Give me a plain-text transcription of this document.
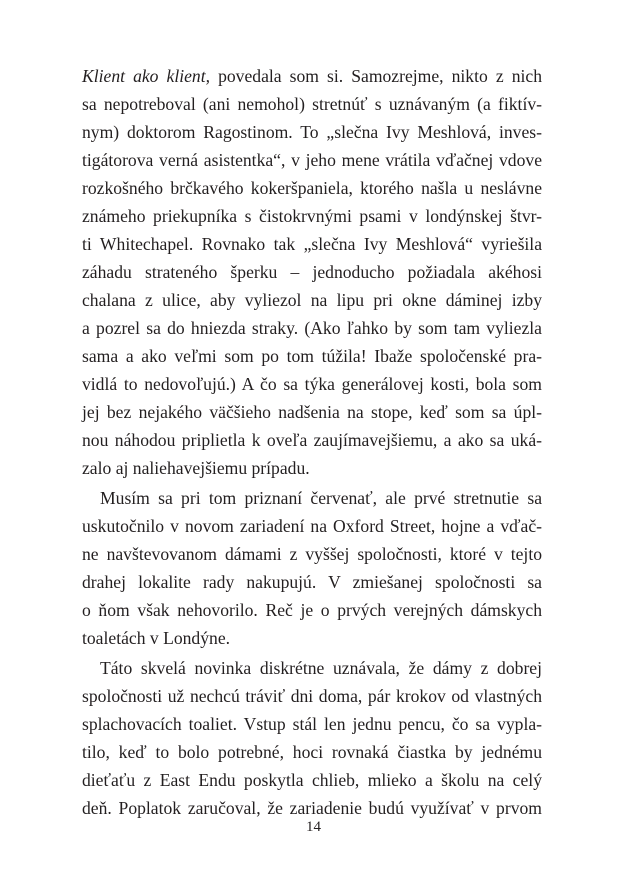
Klient ako klient, povedala som si. Samozrejme, nikto z nich
sa nepotreboval (ani nemohol) stretnúť s uznávaným (a fiktív-
nym) doktorom Ragostinom. To „slečna Ivy Meshlová, inves-
tigátorova verná asistentka“, v jeho mene vrátila vďačnej vdove
rozkošného brčkavého kokeršpaniela, ktorého našla u neslávne
známeho priekupníka s čistokrvnými psami v londýnskej štvr-
ti Whitechapel. Rovnako tak „slečna Ivy Meshlová“ vyriešila
záhadu strateného šperku – jednoducho požiadala akéhosi
chalana z ulice, aby vyliezol na lipu pri okne dáminej izby
a pozrel sa do hniezda straky. (Ako ľahko by som tam vyliezla
sama a ako veľmi som po tom túžila! Ibaže spoločenské pra-
vidlá to nedovoľujú.) A čo sa týka generálovej kosti, bola som
jej bez nejakého väčšieho nadšenia na stope, keď som sa úpl-
nou náhodou priplietla k oveľa zaujímavejšiemu, a ako sa uká-
zalo aj naliehavejšiemu prípadu.
Musím sa pri tom priznaní červenať, ale prvé stretnutie sa
uskutočnilo v novom zariadení na Oxford Street, hojne a vďač-
ne navštevovanom dámami z vyššej spoločnosti, ktoré v tejto
drahej lokalite rady nakupujú. V zmiešanej spoločnosti sa
o ňom však nehovorilo. Reč je o prvých verejných dámskych
toaletách v Londýne.
Táto skvelá novinka diskrétne uznávala, že dámy z dobrej
spoločnosti už nechcú tráviť dni doma, pár krokov od vlastných
splachovacích toaliet. Vstup stál len jednu pencu, čo sa vypla-
tilo, keď to bolo potrebné, hoci rovnaká čiastka by jednému
dieťaťu z East Endu poskytla chlieb, mlieko a školu na celý
deň. Poplatok zaručoval, že zariadenie budú využívať v prvom
14
